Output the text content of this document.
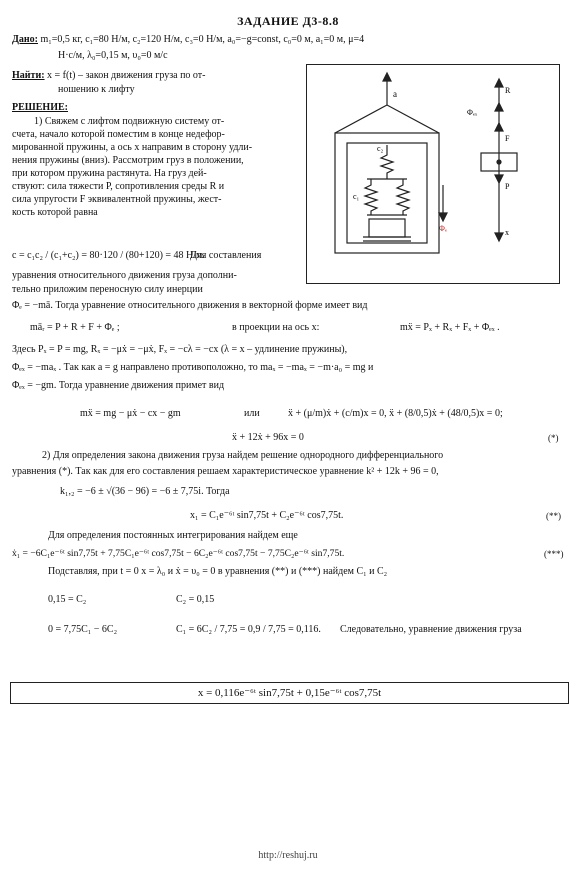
ЗАДАНИЕ Д3-8.8
Дано: m₁=0,5 кг, c₁=80 Н/м, c₂=120 Н/м, c₃=0 Н/м, a₀=−g=const, c₀=0 м, a₁=0 м, μ=4
Н·с/м, λ₀=0,15 м, υ₀=0 м/с
Найти: x = f(t) – закон движения груза по от-
ношению к лифту
РЕШЕНИЕ:
1) Свяжем с лифтом подвижную систему от-
счета, начало которой поместим в конце недефор-
мированной пружины, а ось x направим в сторону удли-
нения пружины (вниз). Рассмотрим груз в положении,
при котором пружина растянута. На груз дей-
ствуют: сила тяжести P, сопротивления среды R и
сила упругости F эквивалентной пружины, жест-
кость которой равна
c = c₁c₂ / (c₁+c₂) = 80·120 / (80+120) = 48 Н/м.
Для составления
уравнения относительного движения груза дополни-
тельно приложим переносную силу инерции
Φₑ = −mā. Тогда уравнение относительного движения в векторной форме имеет вид
māᵣ = P + R + F + Φₑ ;	в проекции на ось x:	mẍ = Pₓ + Rₓ + Fₓ + Φₑₓ .
Здесь Pₓ = P = mg, Rₓ = −μẋ = −μẋ, Fₓ = −cλ = −cx (λ = x – удлинение пружины),
Φₑₓ = −maₓ . Так как a = g направлено противоположно, то maₓ = −maₓ = −m·a₀ = mg и
Φₑₓ = −gm. Тогда уравнение движения примет вид
mẍ = mg − μẋ − cx − gm	или	ẍ + (μ/m)ẋ + (c/m)x = 0, ẍ + (8/0,5)ẋ + (48/0,5)x = 0;
ẍ + 12ẋ + 96x = 0	(*)
2) Для определения закона движения груза найдем решение однородного дифференциального
уравнения (*). Так как для его составления решаем характеристическое уравнение k² + 12k + 96 = 0,
k₁,₂ = −6 ± √(36 − 96) = −6 ± 7,75i. Тогда
x₁ = C₁e⁻⁶ᵗ sin7,75t + C₂e⁻⁶ᵗ cos7,75t.	(**)
Для определения постоянных интегрирования найдем еще
ẋ₁ = −6C₁e⁻⁶ᵗ sin7,75t + 7,75C₁e⁻⁶ᵗ cos7,75t − 6C₂e⁻⁶ᵗ cos7,75t − 7,75C₂e⁻⁶ᵗ sin7,75t.	(***)
Подставляя, при t = 0 x = λ₀ и ẋ = υ₀ = 0 в уравнения (**) и (***) найдем C₁ и C₂
0,15 = C₂	C₂ = 0,15
0 = 7,75C₁ − 6C₂	C₁ = 6C₂ / 7,75 = 0,9 / 7,75 = 0,116. Следовательно, уравнение движения груза
x = 0,116e⁻⁶ᵗ sin7,75t + 0,15e⁻⁶ᵗ cos7,75t
a
c₂
c₁
Φₑ
R
Φₑₓ
F
P
x
http://reshuj.ru
